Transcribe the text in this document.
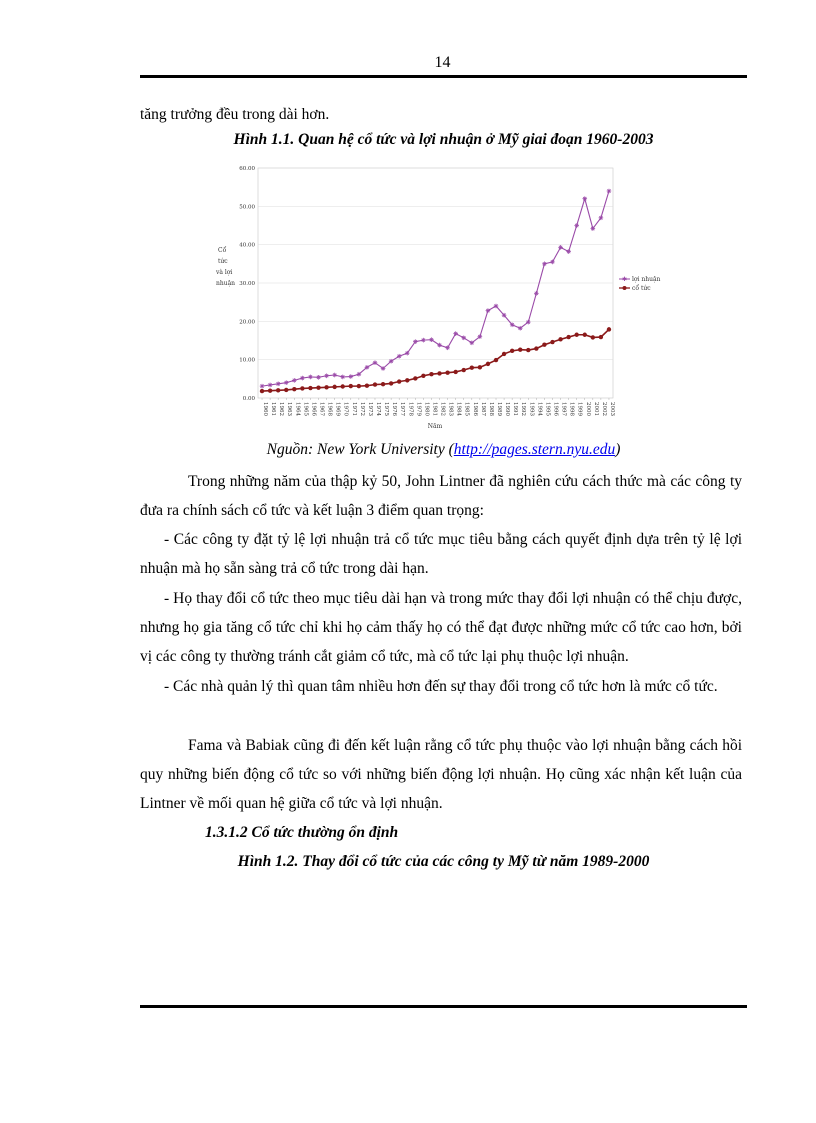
14
tăng trưởng đều trong dài hơn.
Hình 1.1. Quan hệ cổ tức và lợi nhuận ở Mỹ giai đoạn 1960-2003
0.00
10.00
20.00
30.00
40.00
50.00
60.00
1960 1961 1962 1963 1964 1965 1966 1967 1968 1969 1970 1971 1972 1973 1974 1975 1976 1977 1978 1979 1980 1981 1982 1983 1984 1985 1986 1987 1988 1989 1990 1991 1992 1993 1994 1995 1996 1997 1998 1999 2000 2001 2002 2003
Cổ
tức
và lợi
nhuận
Năm
✱ lợi nhuận
cổ tức
Nguồn: New York University (http://pages.stern.nyu.edu)
Trong những năm của thập kỷ 50, John Lintner đã nghiên cứu cách thức mà các công ty đưa ra chính sách cổ tức và kết luận 3 điểm quan trọng:
- Các công ty đặt tỷ lệ lợi nhuận trả cổ tức mục tiêu bằng cách quyết định dựa trên tỷ lệ lợi nhuận mà họ sẵn sàng trả cổ tức trong dài hạn.
- Họ thay đổi cổ tức theo mục tiêu dài hạn và trong mức thay đổi lợi nhuận có thể chịu được, nhưng họ gia tăng cổ tức chỉ khi họ cảm thấy họ có thể đạt được những mức cổ tức cao hơn, bởi vị các công ty thường tránh cắt giảm cổ tức, mà cổ tức lại phụ thuộc lợi nhuận.
- Các nhà quản lý thì quan tâm nhiều hơn đến sự thay đổi trong cổ tức hơn là mức cổ tức.
Fama và Babiak cũng đi đến kết luận rằng cổ tức phụ thuộc vào lợi nhuận bằng cách hồi quy những biến động cổ tức so với những biến động lợi nhuận. Họ cũng xác nhận kết luận của Lintner về mối quan hệ giữa cổ tức và lợi nhuận.
1.3.1.2 Cổ tức thường ổn định
Hình 1.2. Thay đổi cổ tức của các công ty Mỹ từ năm 1989-2000
